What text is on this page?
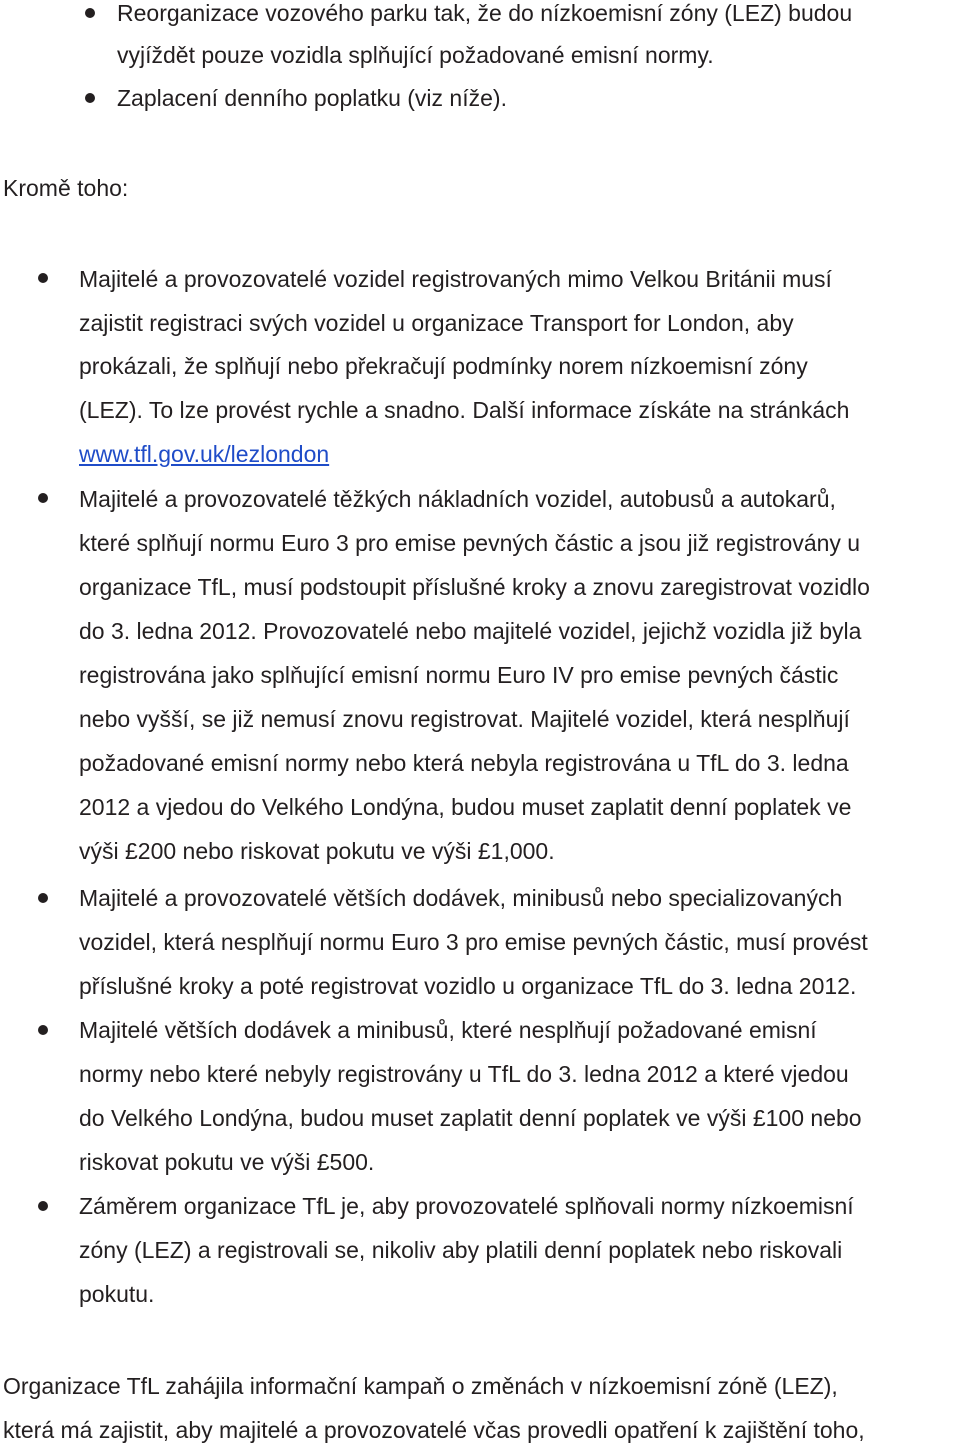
Reorganizace vozového parku tak, že do nízkoemisní zóny (LEZ) budou
vyjíždět pouze vozidla splňující požadované emisní normy.
Zaplacení denního poplatku (viz níže).
Kromě toho:
Majitelé a provozovatelé vozidel registrovaných mimo Velkou Británii musí
zajistit registraci svých vozidel u organizace Transport for London, aby
prokázali, že splňují nebo překračují podmínky norem nízkoemisní zóny
(LEZ). To lze provést rychle a snadno. Další informace získáte na stránkách
www.tfl.gov.uk/lezlondon
Majitelé a provozovatelé těžkých nákladních vozidel, autobusů a autokarů,
které splňují normu Euro 3 pro emise pevných částic a jsou již registrovány u
organizace TfL, musí podstoupit příslušné kroky a znovu zaregistrovat vozidlo
do 3. ledna 2012. Provozovatelé nebo majitelé vozidel, jejichž vozidla již byla
registrována jako splňující emisní normu Euro IV pro emise pevných částic
nebo vyšší, se již nemusí znovu registrovat. Majitelé vozidel, která nesplňují
požadované emisní normy nebo která nebyla registrována u TfL do 3. ledna
2012 a vjedou do Velkého Londýna, budou muset zaplatit denní poplatek ve
výši £200 nebo riskovat pokutu ve výši £1,000.
Majitelé a provozovatelé větších dodávek, minibusů nebo specializovaných
vozidel, která nesplňují normu Euro 3 pro emise pevných částic, musí provést
příslušné kroky a poté registrovat vozidlo u organizace TfL do 3. ledna 2012.
Majitelé větších dodávek a minibusů, které nesplňují požadované emisní
normy nebo které nebyly registrovány u TfL do 3. ledna 2012 a které vjedou
do Velkého Londýna, budou muset zaplatit denní poplatek ve výši £100 nebo
riskovat pokutu ve výši £500.
Záměrem organizace TfL je, aby provozovatelé splňovali normy nízkoemisní
zóny (LEZ) a registrovali se, nikoliv aby platili denní poplatek nebo riskovali
pokutu.
Organizace TfL zahájila informační kampaň o změnách v nízkoemisní zóně (LEZ),
která má zajistit, aby majitelé a provozovatelé včas provedli opatření k zajištění toho,
